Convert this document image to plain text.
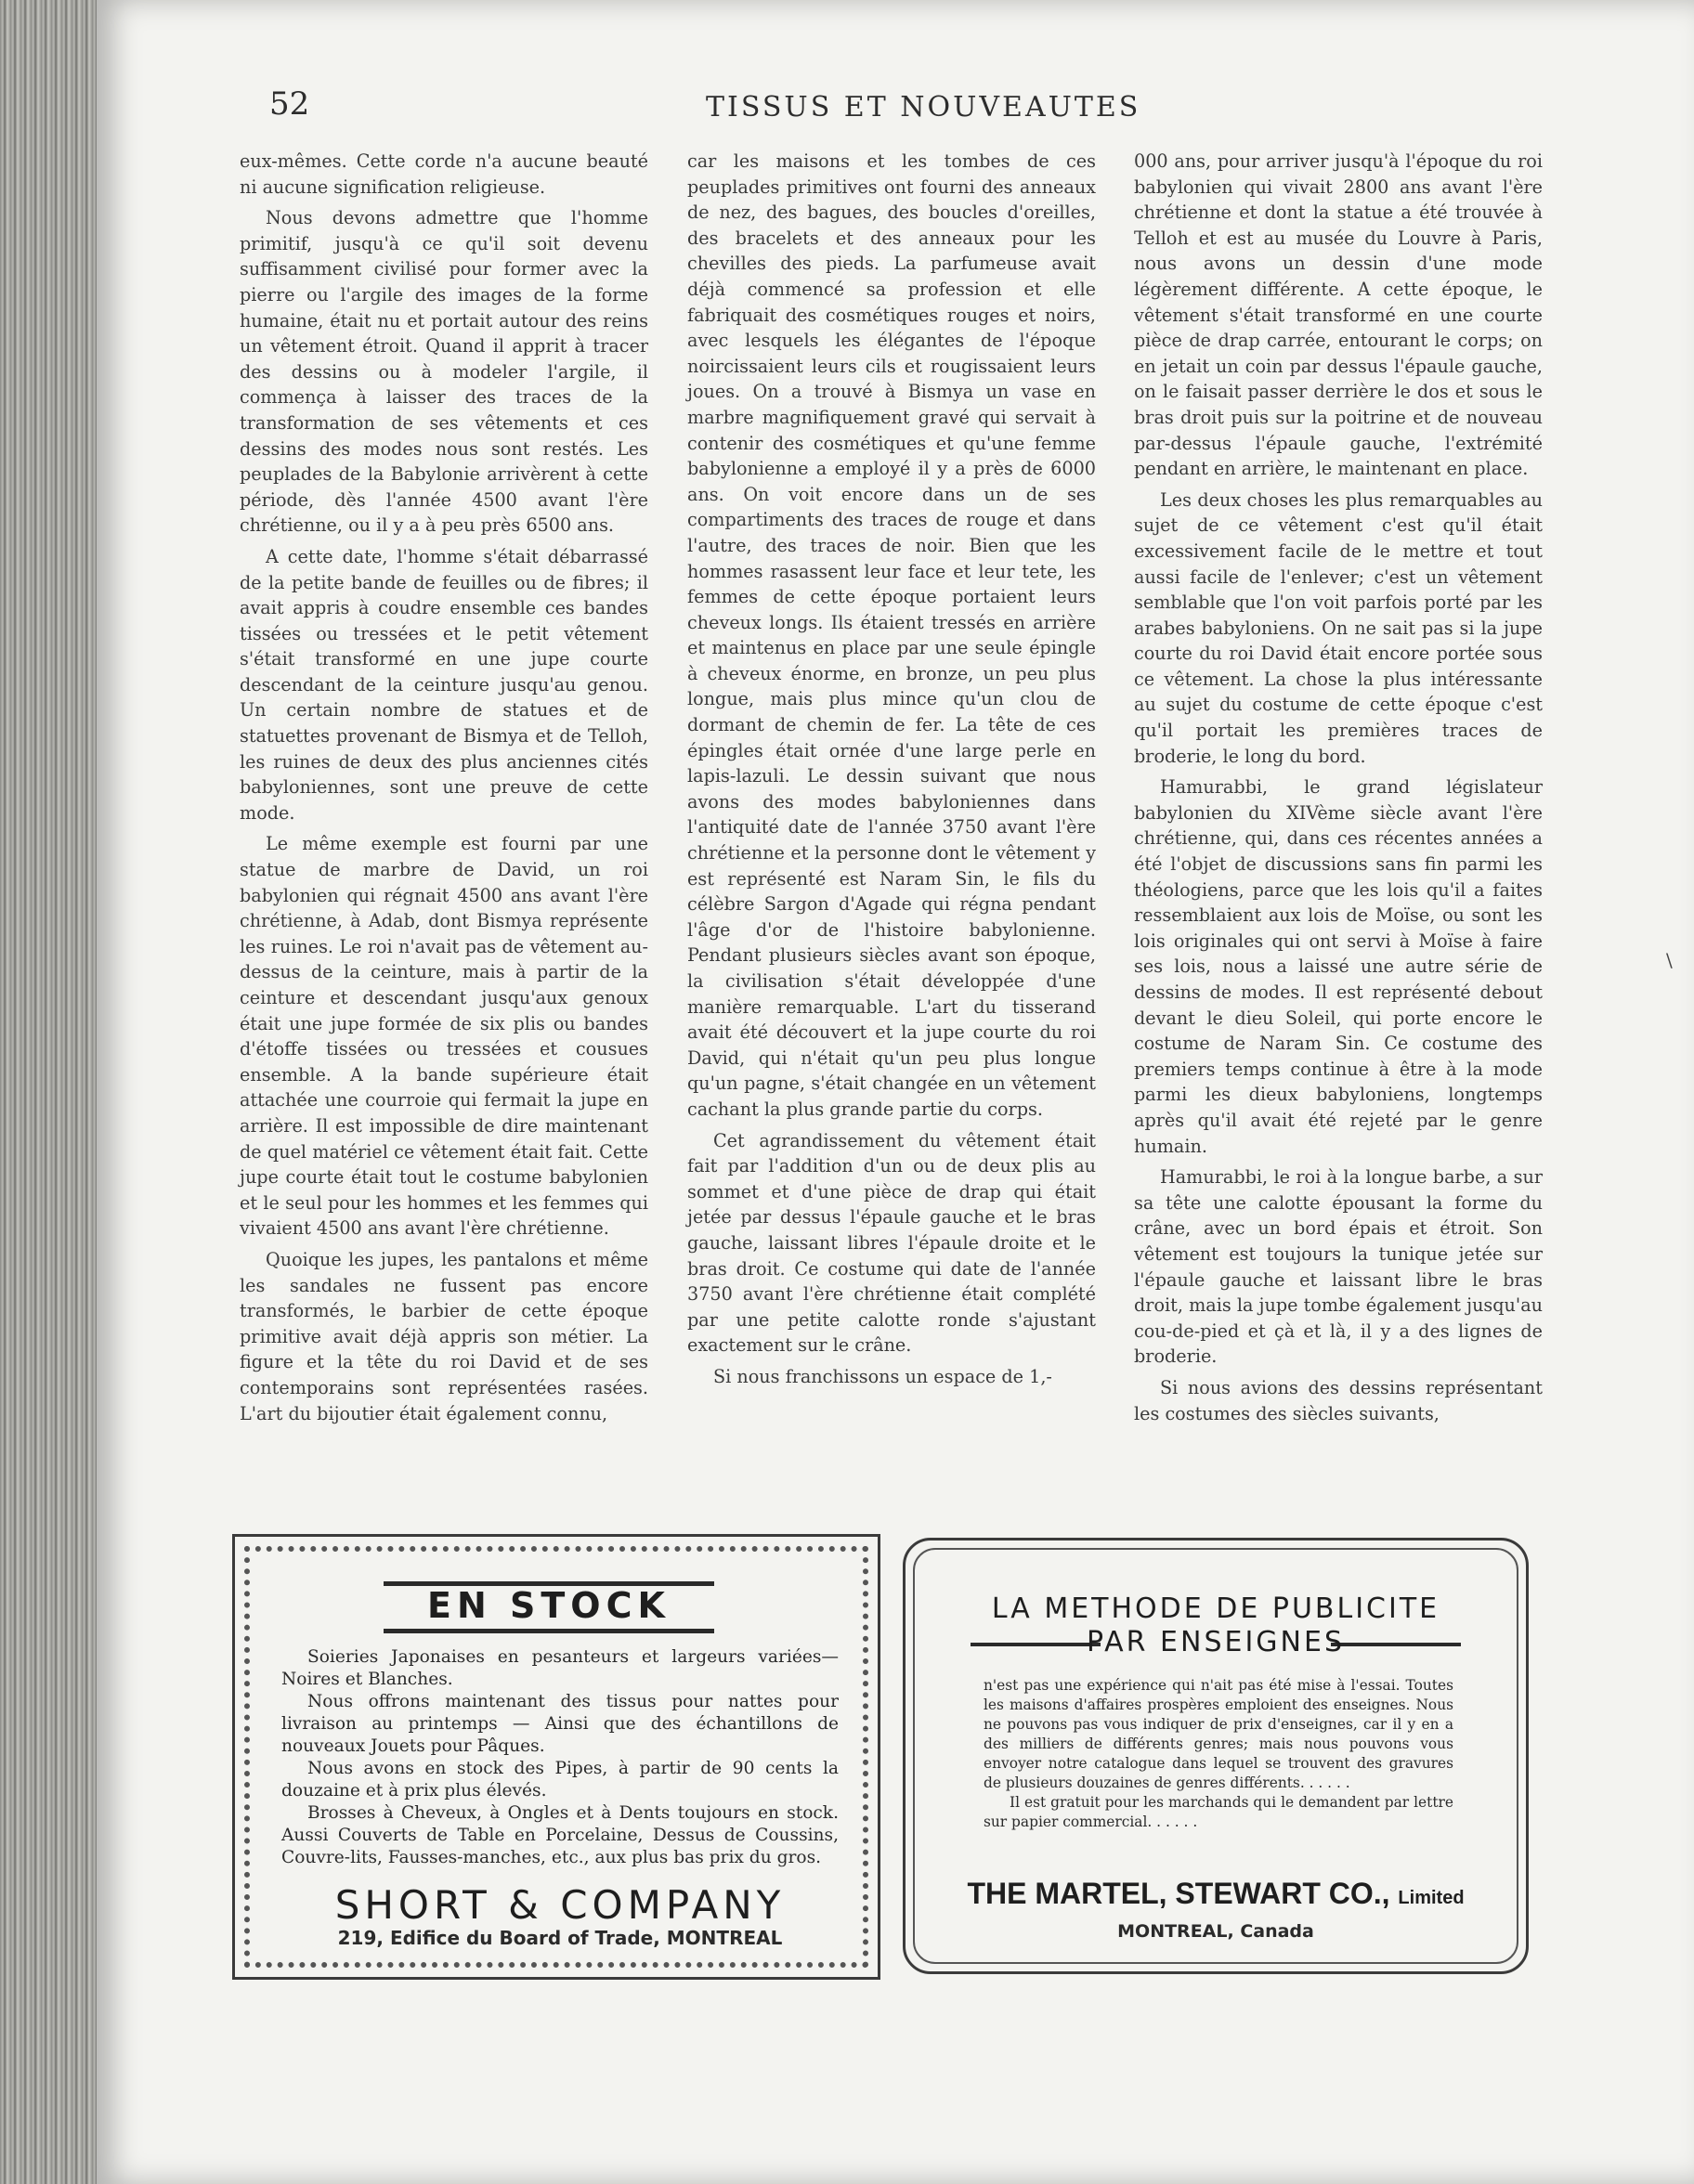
52	TISSUS ET NOUVEAUTES

eux-mêmes. Cette corde n'a aucune beauté ni aucune signification religieuse.

Nous devons admettre que l'homme primitif, jusqu'à ce qu'il soit devenu suffisamment civilisé pour former avec la pierre ou l'argile des images de la forme humaine, était nu et portait autour des reins un vêtement étroit. Quand il apprit à tracer des dessins ou à modeler l'argile, il commença à laisser des traces de la transformation de ses vêtements et ces dessins des modes nous sont restés. Les peuplades de la Babylonie arrivèrent à cette période, dès l'année 4500 avant l'ère chrétienne, ou il y a à peu près 6500 ans.

A cette date, l'homme s'était débarrassé de la petite bande de feuilles ou de fibres; il avait appris à coudre ensemble ces bandes tissées ou tressées et le petit vêtement s'était transformé en une jupe courte descendant de la ceinture jusqu'au genou. Un certain nombre de statues et de statuettes provenant de Bismya et de Telloh, les ruines de deux des plus anciennes cités babyloniennes, sont une preuve de cette mode.

Le même exemple est fourni par une statue de marbre de David, un roi babylonien qui régnait 4500 ans avant l'ère chrétienne, à Adab, dont Bismya représente les ruines. Le roi n'avait pas de vêtement au-dessus de la ceinture, mais à partir de la ceinture et descendant jusqu'aux genoux était une jupe formée de six plis ou bandes d'étoffe tissées ou tressées et cousues ensemble. A la bande supérieure était attachée une courroie qui fermait la jupe en arrière. Il est impossible de dire maintenant de quel matériel ce vêtement était fait. Cette jupe courte était tout le costume babylonien et le seul pour les hommes et les femmes qui vivaient 4500 ans avant l'ère chrétienne.

Quoique les jupes, les pantalons et même les sandales ne fussent pas encore transformés, le barbier de cette époque primitive avait déjà appris son métier. La figure et la tête du roi David et de ses contemporains sont représentées rasées. L'art du bijoutier était également connu,

car les maisons et les tombes de ces peuplades primitives ont fourni des anneaux de nez, des bagues, des boucles d'oreilles, des bracelets et des anneaux pour les chevilles des pieds. La parfumeuse avait déjà commencé sa profession et elle fabriquait des cosmétiques rouges et noirs, avec lesquels les élégantes de l'époque noircissaient leurs cils et rougissaient leurs joues. On a trouvé à Bismya un vase en marbre magnifiquement gravé qui servait à contenir des cosmétiques et qu'une femme babylonienne a employé il y a près de 6000 ans. On voit encore dans un de ses compartiments des traces de rouge et dans l'autre, des traces de noir. Bien que les hommes rasassent leur face et leur tete, les femmes de cette époque portaient leurs cheveux longs. Ils étaient tressés en arrière et maintenus en place par une seule épingle à cheveux énorme, en bronze, un peu plus longue, mais plus mince qu'un clou de dormant de chemin de fer. La tête de ces épingles était ornée d'une large perle en lapis-lazuli. Le dessin suivant que nous avons des modes babyloniennes dans l'antiquité date de l'année 3750 avant l'ère chrétienne et la personne dont le vêtement y est représenté est Naram Sin, le fils du célèbre Sargon d'Agade qui régna pendant l'âge d'or de l'histoire babylonienne. Pendant plusieurs siècles avant son époque, la civilisation s'était développée d'une manière remarquable. L'art du tisserand avait été découvert et la jupe courte du roi David, qui n'était qu'un peu plus longue qu'un pagne, s'était changée en un vêtement cachant la plus grande partie du corps.

Cet agrandissement du vêtement était fait par l'addition d'un ou de deux plis au sommet et d'une pièce de drap qui était jetée par dessus l'épaule gauche et le bras gauche, laissant libres l'épaule droite et le bras droit. Ce costume qui date de l'année 3750 avant l'ère chrétienne était complété par une petite calotte ronde s'ajustant exactement sur le crâne.

Si nous franchissons un espace de 1,-

000 ans, pour arriver jusqu'à l'époque du roi babylonien qui vivait 2800 ans avant l'ère chrétienne et dont la statue a été trouvée à Telloh et est au musée du Louvre à Paris, nous avons un dessin d'une mode légèrement différente. A cette époque, le vêtement s'était transformé en une courte pièce de drap carrée, entourant le corps; on en jetait un coin par dessus l'épaule gauche, on le faisait passer derrière le dos et sous le bras droit puis sur la poitrine et de nouveau par-dessus l'épaule gauche, l'extrémité pendant en arrière, le maintenant en place.

Les deux choses les plus remarquables au sujet de ce vêtement c'est qu'il était excessivement facile de le mettre et tout aussi facile de l'enlever; c'est un vêtement semblable que l'on voit parfois porté par les arabes babyloniens. On ne sait pas si la jupe courte du roi David était encore portée sous ce vêtement. La chose la plus intéressante au sujet du costume de cette époque c'est qu'il portait les premières traces de broderie, le long du bord.

Hamurabbi, le grand législateur babylonien du XIVème siècle avant l'ère chrétienne, qui, dans ces récentes années a été l'objet de discussions sans fin parmi les théologiens, parce que les lois qu'il a faites ressemblaient aux lois de Moïse, ou sont les lois originales qui ont servi à Moïse à faire ses lois, nous a laissé une autre série de dessins de modes. Il est représenté debout devant le dieu Soleil, qui porte encore le costume de Naram Sin. Ce costume des premiers temps continue à être à la mode parmi les dieux babyloniens, longtemps après qu'il avait été rejeté par le genre humain.

Hamurabbi, le roi à la longue barbe, a sur sa tête une calotte épousant la forme du crâne, avec un bord épais et étroit. Son vêtement est toujours la tunique jetée sur l'épaule gauche et laissant libre le bras droit, mais la jupe tombe également jusqu'au cou-de-pied et çà et là, il y a des lignes de broderie.

Si nous avions des dessins représentant les costumes des siècles suivants,

\
EN STOCK

Soieries Japonaises en pesanteurs et largeurs variées—Noires et Blanches.

Nous offrons maintenant des tissus pour nattes pour livraison au printemps — Ainsi que des échantillons de nouveaux Jouets pour Pâques.

Nous avons en stock des Pipes, à partir de 90 cents la douzaine et à prix plus élevés.

Brosses à Cheveux, à Ongles et à Dents toujours en stock. Aussi Couverts de Table en Porcelaine, Dessus de Coussins, Couvre-lits, Fausses-manches, etc., aux plus bas prix du gros.

SHORT & COMPANY
219, Edifice du Board of Trade, MONTREAL
LA METHODE DE PUBLICITE
PAR ENSEIGNES

n'est pas une expérience qui n'ait pas été mise à l'essai. Toutes les maisons d'affaires prospères emploient des enseignes. Nous ne pouvons pas vous indiquer de prix d'enseignes, car il y en a des milliers de différents genres; mais nous pouvons vous envoyer notre catalogue dans lequel se trouvent des gravures de plusieurs douzaines de genres différents. . . . . .

Il est gratuit pour les marchands qui le demandent par lettre sur papier commercial. . . . . .

THE MARTEL, STEWART CO., Limited
MONTREAL, Canada
